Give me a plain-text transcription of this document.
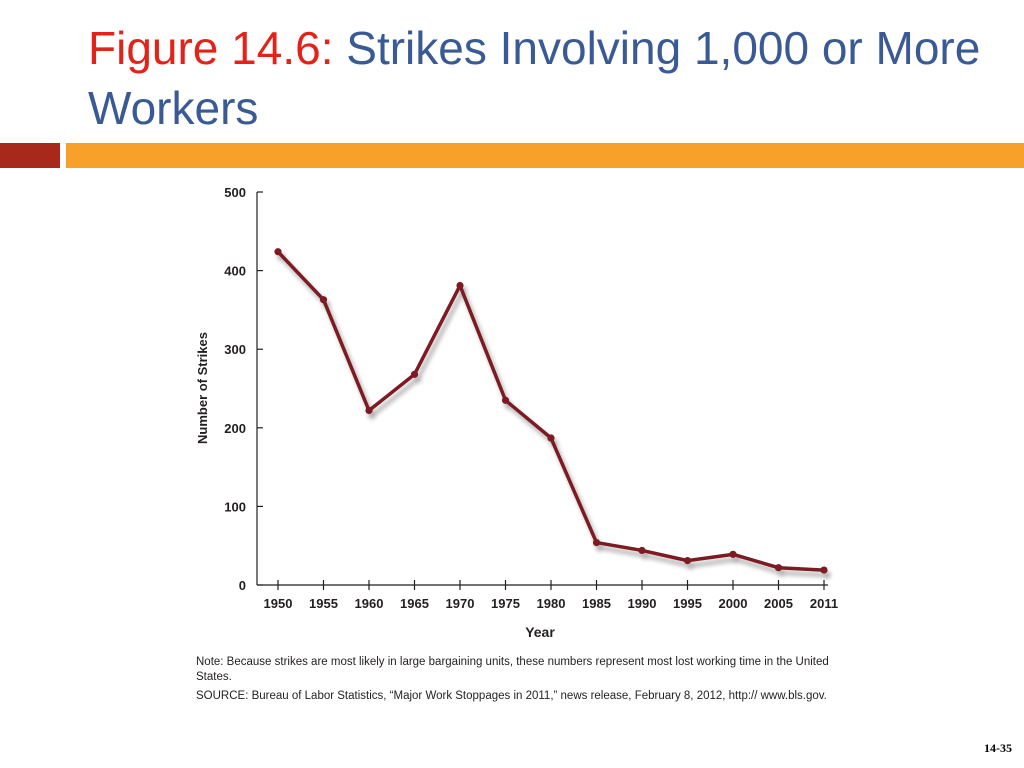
Figure 14.6: Strikes Involving 1,000 or More Workers
0
100
200
300
400
500
1950 1955 1960 1965 1970 1975 1980 1985 1990 1995 2000 2005 2011
Year
Number of Strikes

Note: Because strikes are most likely in large bargaining units, these numbers represent most lost working time in the United States.

SOURCE: Bureau of Labor Statistics, “Major Work Stoppages in 2011,” news release, February 8, 2012, http:// www.bls.gov.

14-35
